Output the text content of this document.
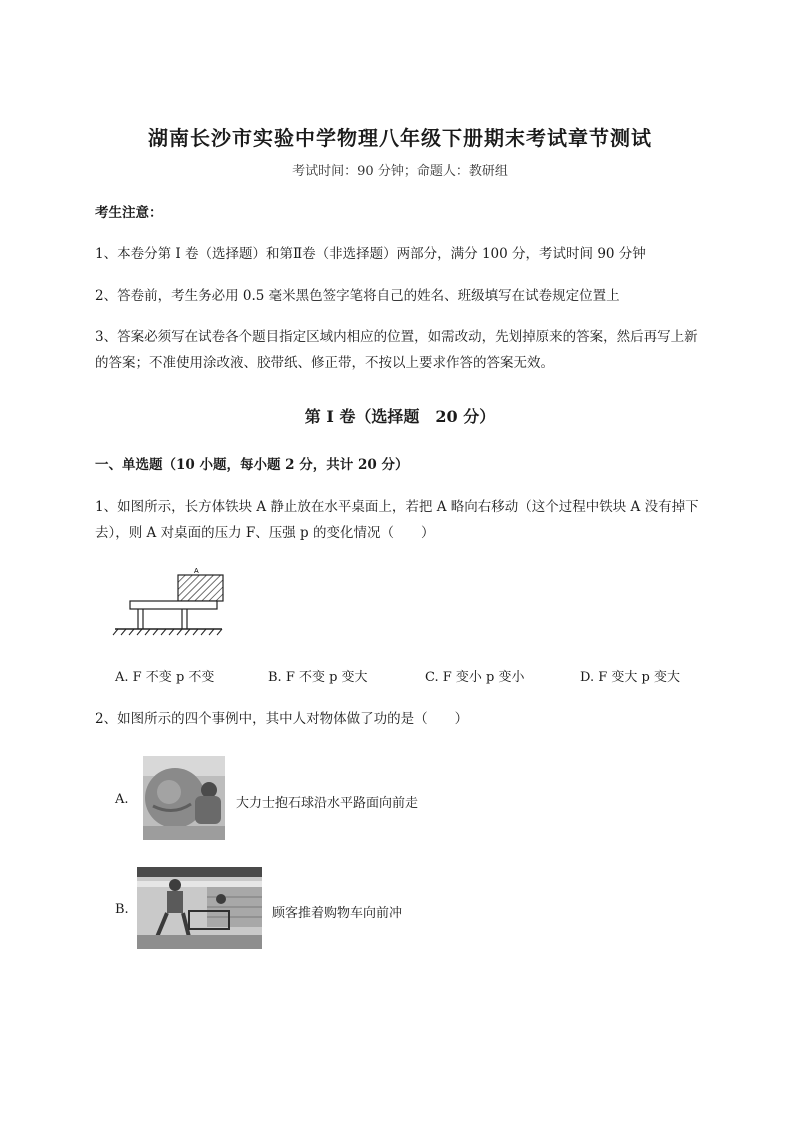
湖南长沙市实验中学物理八年级下册期末考试章节测试
考试时间：90 分钟；命题人：教研组
考生注意：
1、本卷分第 I 卷（选择题）和第Ⅱ卷（非选择题）两部分，满分 100 分，考试时间 90 分钟
2、答卷前，考生务必用 0.5 毫米黑色签字笔将自己的姓名、班级填写在试卷规定位置上
3、答案必须写在试卷各个题目指定区域内相应的位置，如需改动，先划掉原来的答案，然后再写上新
的答案；不准使用涂改液、胶带纸、修正带，不按以上要求作答的答案无效。
第 I 卷（选择题　20 分）
一、单选题（10 小题，每小题 2 分，共计 20 分）
1、如图所示，长方体铁块 A 静止放在水平桌面上，若把 A 略向右移动（这个过程中铁块 A 没有掉下
去），则 A 对桌面的压力 F、压强 p 的变化情况（　　）
A
A. F 不变 p 不变	B. F 不变 p 变大	C. F 变小 p 变小	D. F 变大 p 变大
2、如图所示的四个事例中，其中人对物体做了功的是（　　）
A.	大力士抱石球沿水平路面向前走
B.	顾客推着购物车向前冲
